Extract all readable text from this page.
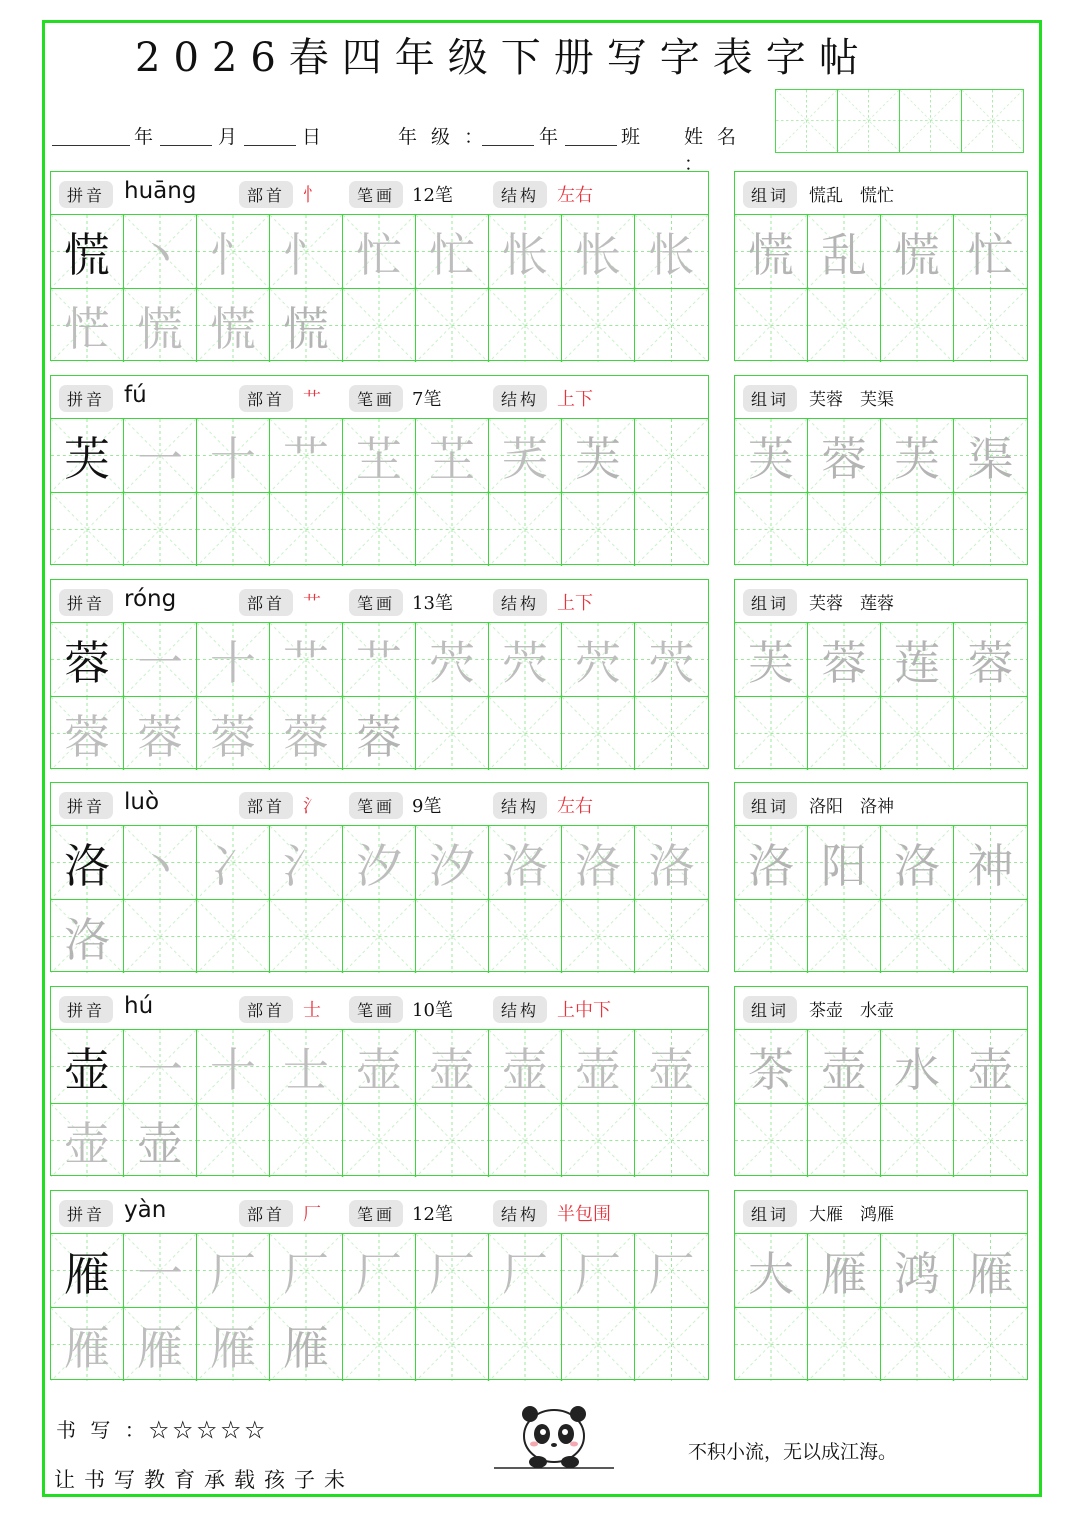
2026春四年级下册写字表字帖
年	月	日	年 级 ：	年	班 姓 名 ：
拼音 huāng	部首 忄	笔画 12笔	结构 左右
慌 丶 忄 忄 忙 忙 怅 怅 怅
恾 慌 慌 慌
组词	慌乱　慌忙
慌 乱 慌 忙
拼音 fú	部首 艹	笔画 7笔	结构 上下
芙 一 十 艹 芏 芏 芺 芙
组词	芙蓉　芙渠
芙 蓉 芙 渠
拼音 róng	部首 艹	笔画 13笔	结构 上下
蓉 一 十 艹 艹 茓 茓 茓 茓
蓉 蓉 蓉 蓉 蓉
组词	芙蓉　莲蓉
芙 蓉 莲 蓉
拼音 luò	部首 氵	笔画 9笔	结构 左右
洛 丶 冫 氵 汐 汐 洛 洛 洛
洛
组词	洛阳　洛神
洛 阳 洛 神
拼音 hú	部首 士	笔画 10笔	结构 上中下
壶 一 十 士 壶 壶 壶 壶 壶
壶 壶
组词	茶壶　水壶
茶 壶 水 壶
拼音 yàn	部首 厂	笔画 12笔	结构 半包围
雁 一 厂 厂 厂 厂 厂 厂 厂
雁 雁 雁 雁
组词	大雁　鸿雁
大 雁 鸿 雁
书 写 ：☆☆☆☆☆
让书写教育承载孩子未
不积小流，无以成江海。
